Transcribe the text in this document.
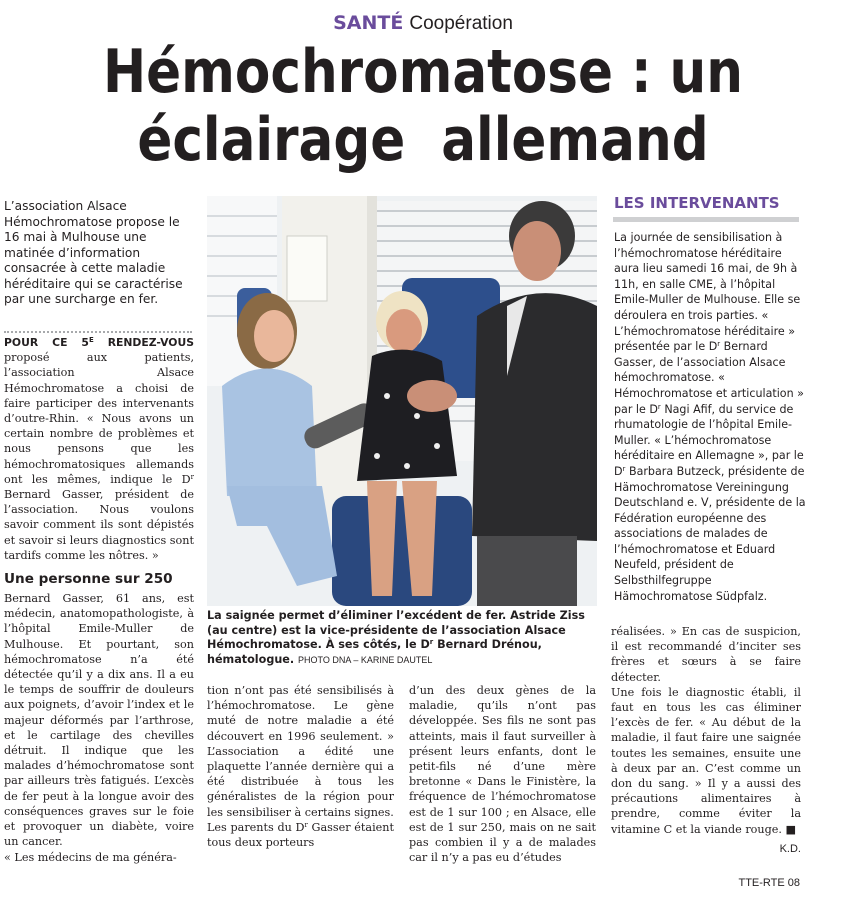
SANTÉ Coopération
Hémochromatose : un
éclairage  allemand
L’association Alsace Hémochromatose propose le 16 mai à Mulhouse une matinée d’information consacrée à cette maladie héréditaire qui se caractérise par une surcharge en fer.

POUR CE $5^E$ RENDEZ-VOUS proposé aux patients, l’association Alsace Hémochromatose a choisi de faire participer des intervenants d’outre-Rhin. « Nous avons un certain nombre de problèmes et nous pensons que les hémochromatosiques allemands ont les mêmes, indique le $D^r$ Bernard Gasser, président de l’association. Nous voulons savoir comment ils sont dépistés et savoir si leurs diagnostics sont tardifs comme les nôtres. »

Une personne sur 250

Bernard Gasser, 61 ans, est médecin, anatomopathologiste, à l’hôpital Emile-Muller de Mulhouse. Et pourtant, son hémochromatose n’a été détectée qu’il y a dix ans. Il a eu le temps de souffrir de douleurs aux poignets, d’avoir l’index et le majeur déformés par l’arthrose, et le cartilage des chevilles détruit. Il indique que les malades d’hémochromatose sont par ailleurs très fatigués. L’excès de fer peut à la longue avoir des conséquences graves sur le foie et provoquer un diabète, voire un cancer.

« Les médecins de ma généra-

La saignée permet d’éliminer l’excédent de fer. Astride Ziss (au centre) est la vice-présidente de l’association Alsace Hémochromatose. À ses côtés, le $D^r$ Bernard Drénou, hématologue. PHOTO DNA – KARINE DAUTEL

tion n’ont pas été sensibilisés à l’hémochromatose. Le gène muté de notre maladie a été découvert en 1996 seulement. » L’association a édité une plaquette l’année dernière qui a été distribuée à tous les généralistes de la région pour les sensibiliser à certains signes.

Les parents du $D^r$ Gasser étaient tous deux porteurs

d’un des deux gènes de la maladie, qu’ils n’ont pas développée. Ses fils ne sont pas atteints, mais il faut surveiller à présent leurs enfants, dont le petit-fils né d’une mère bretonne « Dans le Finistère, la fréquence de l’hémochromatose est de 1 sur 100 ; en Alsace, elle est de 1 sur 250, mais on ne sait pas combien il y a de malades car il n’y a pas eu d’études

réalisées. » En cas de suspicion, il est recommandé d’inciter ses frères et sœurs à se faire détecter.

Une fois le diagnostic établi, il faut en tous les cas éliminer l’excès de fer. « Au début de la maladie, il faut faire une saignée toutes les semaines, ensuite une à deux par an. C’est comme un don du sang. » Il y a aussi des précautions alimentaires à prendre, comme éviter la vitamine C et la viande rouge. ■

K.D.
LES INTERVENANTS
La journée de sensibilisation à l’hémochromatose héréditaire aura lieu samedi 16 mai, de 9h à 11h, en salle CME, à l’hôpital Emile-Muller de Mulhouse. Elle se déroulera en trois parties. « L’hémochromatose héréditaire » présentée par le $D^r$ Bernard Gasser, de l’association Alsace hémochromatose. « Hémochromatose et articulation » par le $D^r$ Nagi Afif, du service de rhumatologie de l’hôpital Emile-Muller. « L’hémochromatose héréditaire en Allemagne », par le $D^r$ Barbara Butzeck, présidente de Hämochromatose Vereiningung Deutschland e. V, présidente de la Fédération européenne des associations de malades de l’hémochromatose et Eduard Neufeld, président de Selbsthilfegruppe Hämochromatose Südpfalz.
TTE-RTE 08
